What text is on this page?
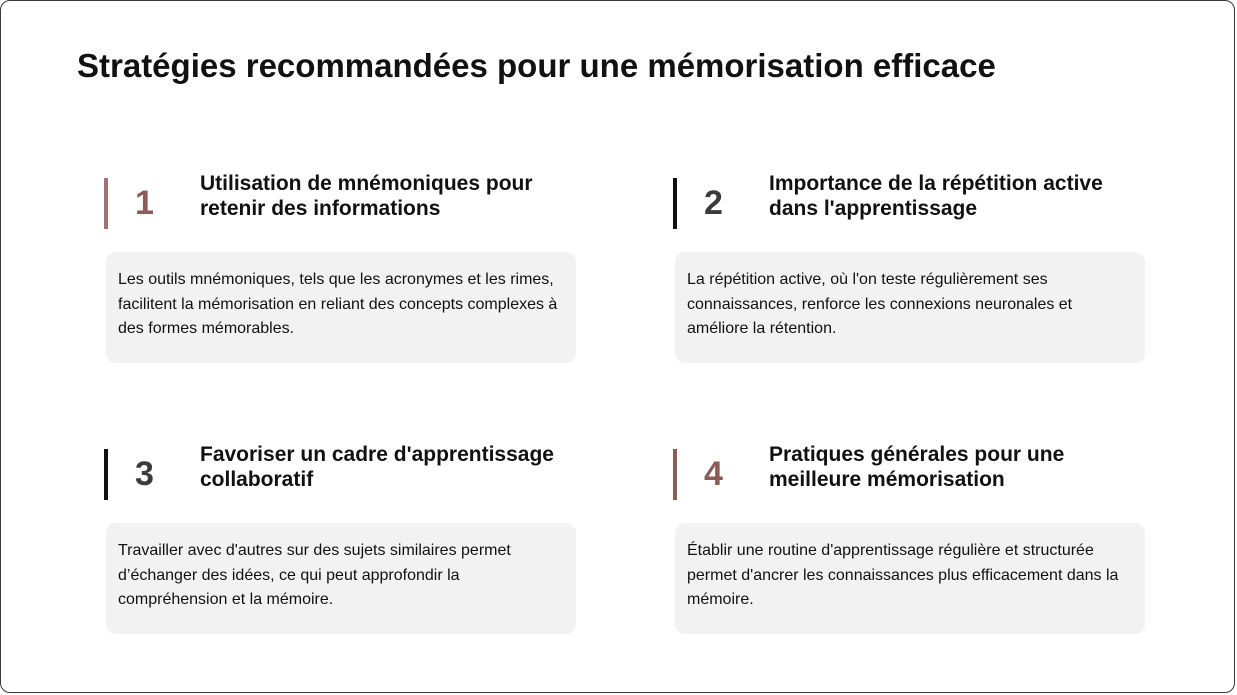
Stratégies recommandées pour une mémorisation efficace
1
Utilisation de mnémoniques pour retenir des informations
Les outils mnémoniques, tels que les acronymes et les rimes, facilitent la mémorisation en reliant des concepts complexes à des formes mémorables.
2
Importance de la répétition active dans l'apprentissage
La répétition active, où l'on teste régulièrement ses connaissances, renforce les connexions neuronales et améliore la rétention.
3
Favoriser un cadre d'apprentissage collaboratif
Travailler avec d'autres sur des sujets similaires permet d’échanger des idées, ce qui peut approfondir la compréhension et la mémoire.
4
Pratiques générales pour une meilleure mémorisation
Établir une routine d'apprentissage régulière et structurée permet d'ancrer les connaissances plus efficacement dans la mémoire.
